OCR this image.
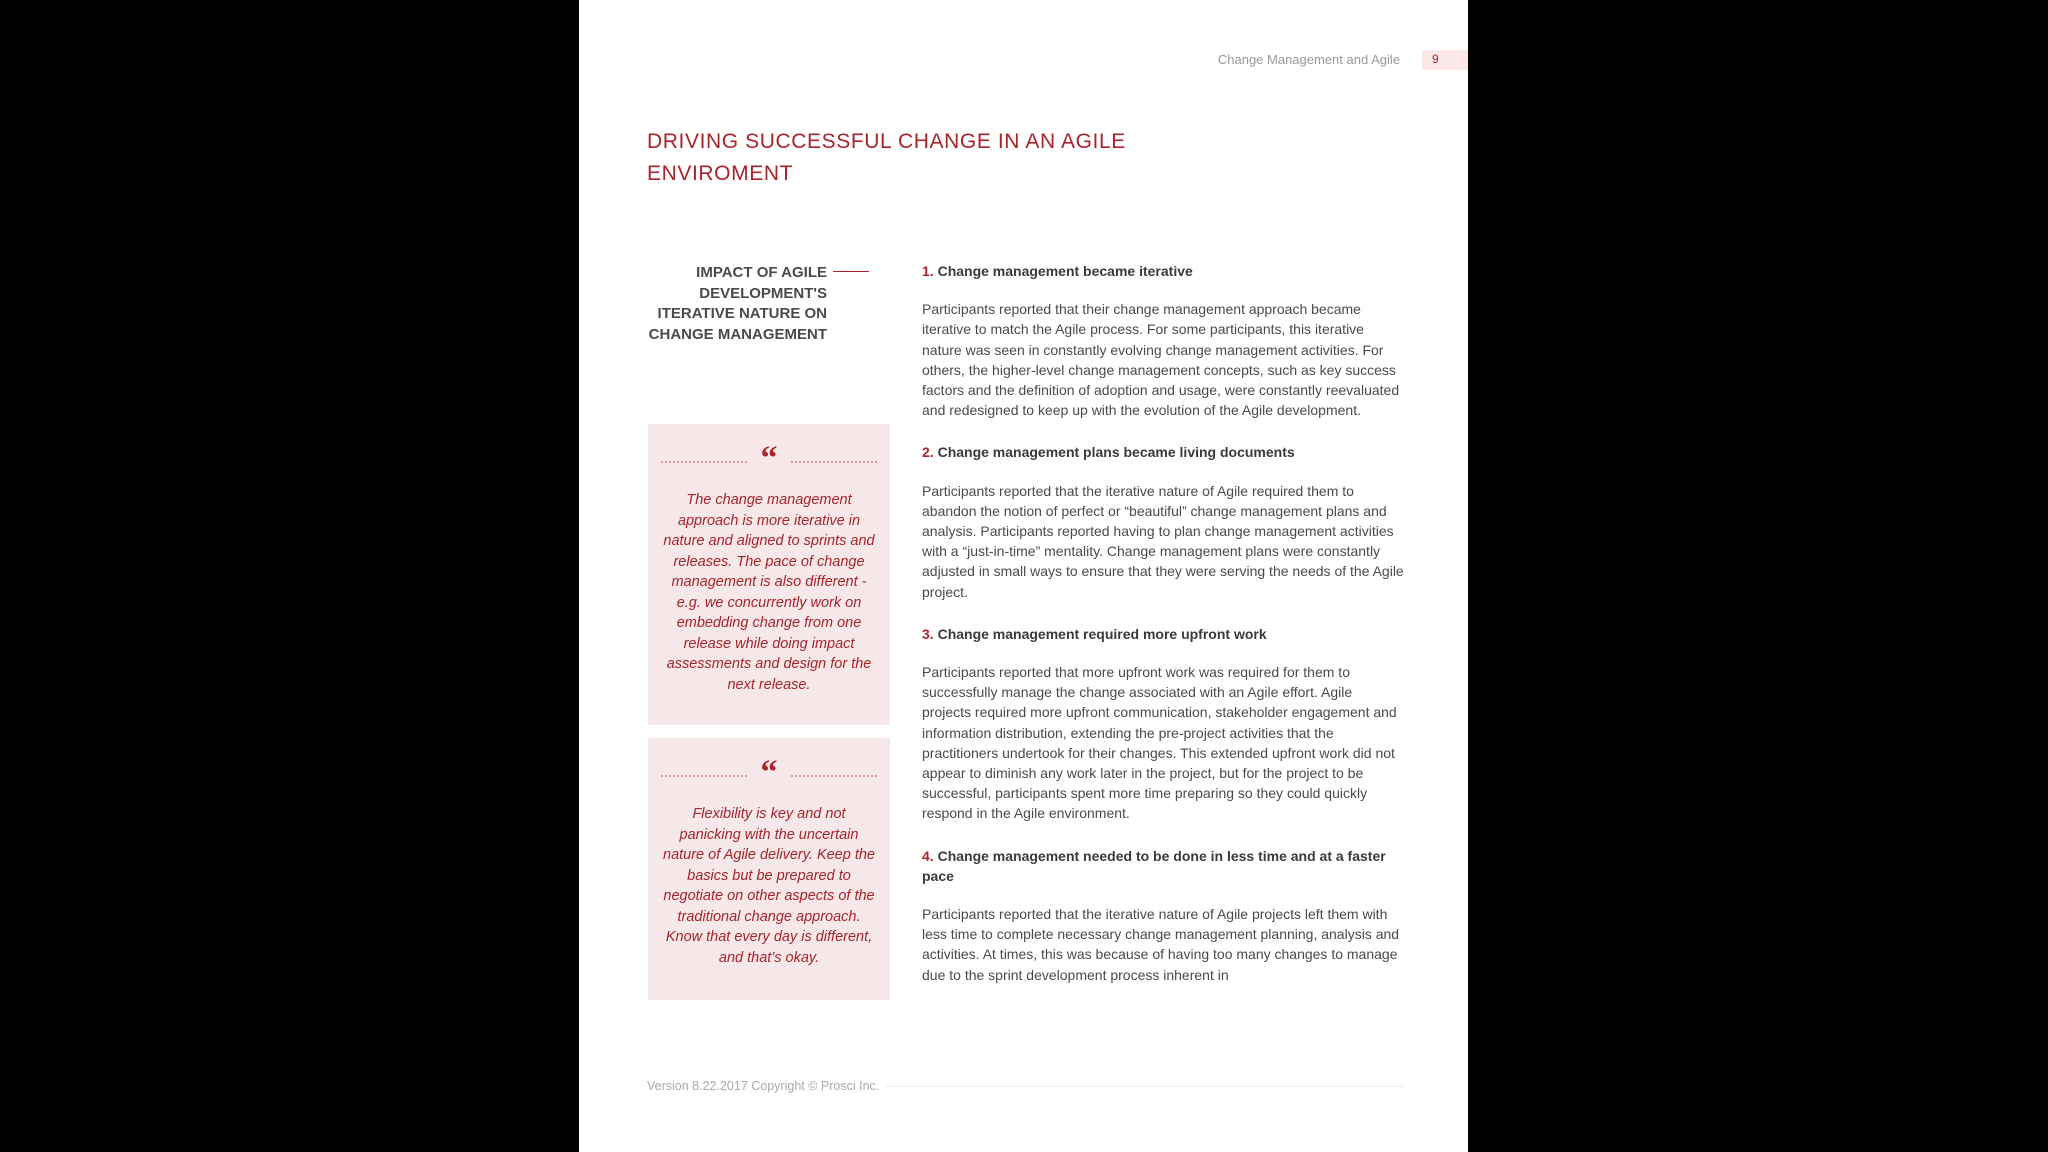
Change Management and Agile	9
DRIVING SUCCESSFUL CHANGE IN AN AGILE ENVIROMENT
IMPACT OF AGILE DEVELOPMENT'S ITERATIVE NATURE ON CHANGE MANAGEMENT
“
The change management approach is more iterative in nature and aligned to sprints and releases. The pace of change management is also different - e.g. we concurrently work on embedding change from one release while doing impact assessments and design for the next release.
“
Flexibility is key and not panicking with the uncertain nature of Agile delivery. Keep the basics but be prepared to negotiate on other aspects of the traditional change approach. Know that every day is different, and that’s okay.

1. Change management became iterative

Participants reported that their change management approach became iterative to match the Agile process. For some participants, this iterative nature was seen in constantly evolving change management activities. For others, the higher-level change management concepts, such as key success factors and the definition of adoption and usage, were constantly reevaluated and redesigned to keep up with the evolution of the Agile development.

2. Change management plans became living documents

Participants reported that the iterative nature of Agile required them to abandon the notion of perfect or “beautiful” change management plans and analysis. Participants reported having to plan change management activities with a “just-in-time” mentality. Change management plans were constantly adjusted in small ways to ensure that they were serving the needs of the Agile project.

3. Change management required more upfront work

Participants reported that more upfront work was required for them to successfully manage the change associated with an Agile effort. Agile projects required more upfront communication, stakeholder engagement and information distribution, extending the pre-project activities that the practitioners undertook for their changes. This extended upfront work did not appear to diminish any work later in the project, but for the project to be successful, participants spent more time preparing so they could quickly respond in the Agile environment.

4. Change management needed to be done in less time and at a faster pace

Participants reported that the iterative nature of Agile projects left them with less time to complete necessary change management planning, analysis and activities. At times, this was because of having too many changes to manage due to the sprint development process inherent in

Version 8.22.2017 Copyright © Prosci Inc.
